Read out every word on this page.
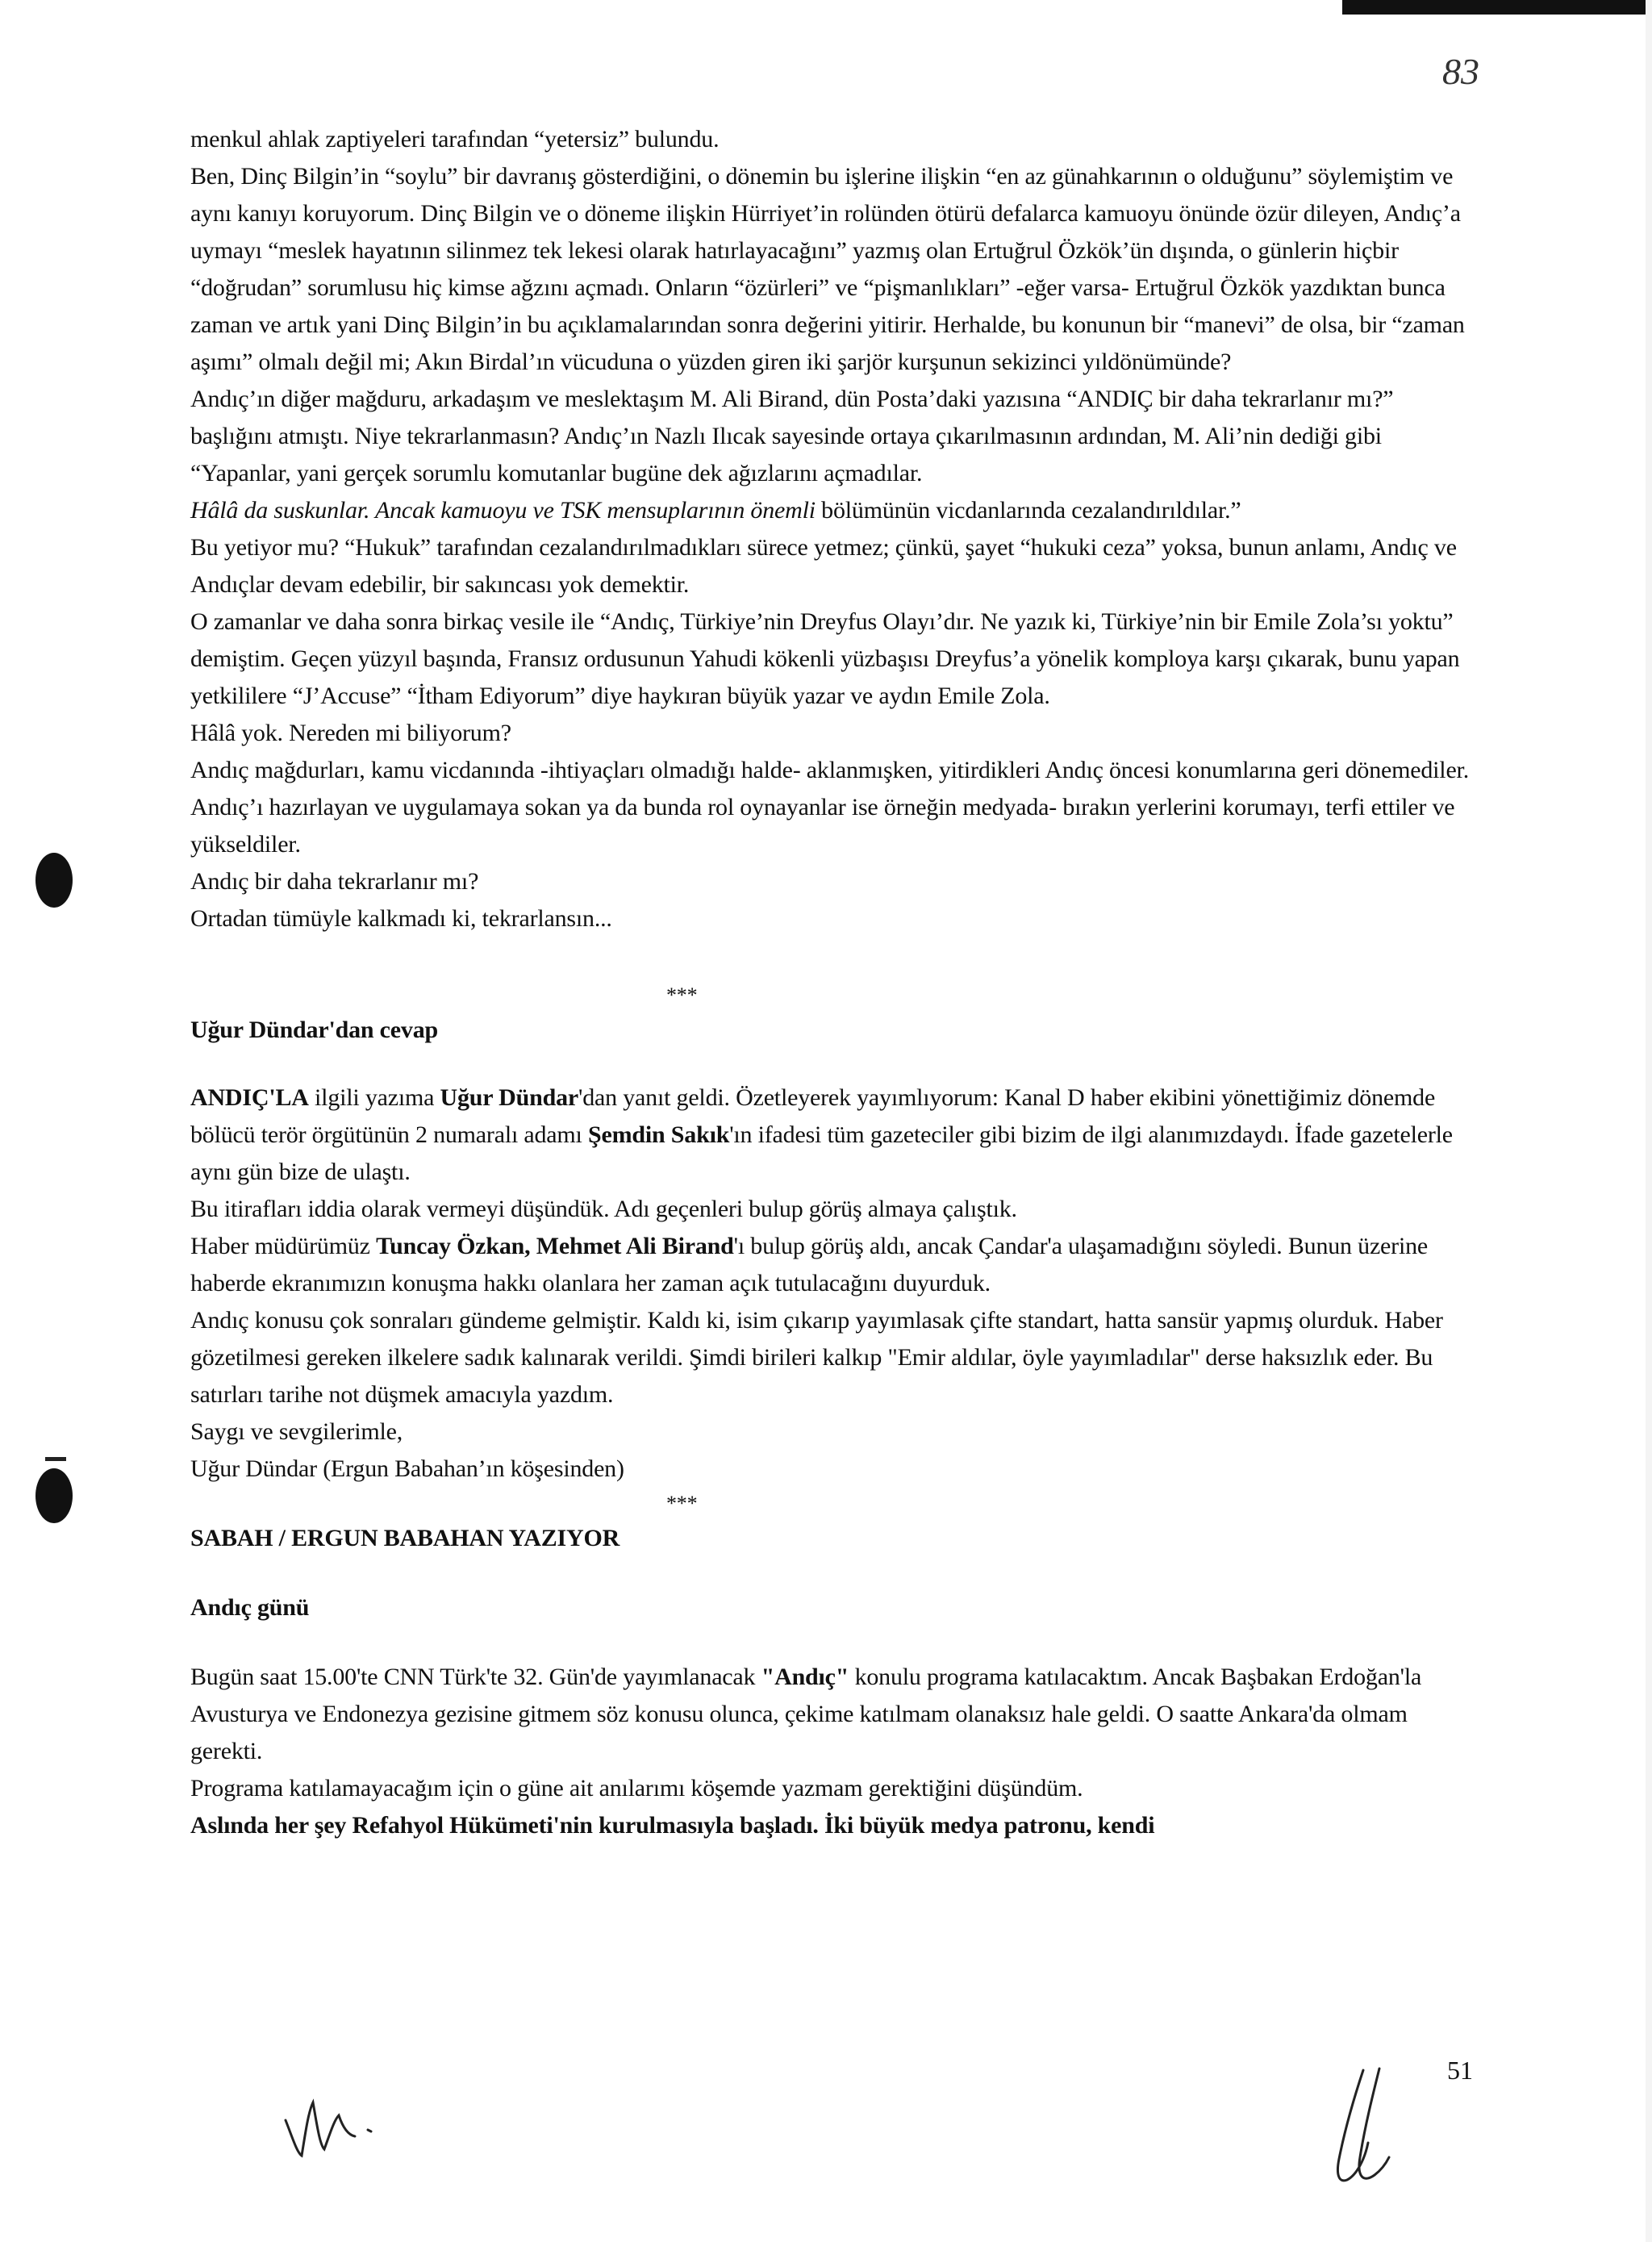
83

menkul ahlak zaptiyeleri tarafından “yetersiz” bulundu.

Ben, Dinç Bilgin’in “soylu” bir davranış gösterdiğini, o dönemin bu işlerine ilişkin “en az günahkarının o olduğunu” söylemiştim ve aynı kanıyı koruyorum. Dinç Bilgin ve o döneme ilişkin Hürriyet’in rolünden ötürü defalarca kamuoyu önünde özür dileyen, Andıç’a uymayı “meslek hayatının silinmez tek lekesi olarak hatırlayacağını” yazmış olan Ertuğrul Özkök’ün dışında, o günlerin hiçbir “doğrudan” sorumlusu hiç kimse ağzını açmadı. Onların “özürleri” ve “pişmanlıkları” -eğer varsa- Ertuğrul Özkök yazdıktan bunca zaman ve artık yani Dinç Bilgin’in bu açıklamalarından sonra değerini yitirir. Herhalde, bu konunun bir “manevi” de olsa, bir “zaman aşımı” olmalı değil mi; Akın Birdal’ın vücuduna o yüzden giren iki şarjör kurşunun sekizinci yıldönümünde?

Andıç’ın diğer mağduru, arkadaşım ve meslektaşım M. Ali Birand, dün Posta’daki yazısına “ANDIÇ bir daha tekrarlanır mı?” başlığını atmıştı. Niye tekrarlanmasın? Andıç’ın Nazlı Ilıcak sayesinde ortaya çıkarılmasının ardından, M. Ali’nin dediği gibi “Yapanlar, yani gerçek sorumlu komutanlar bugüne dek ağızlarını açmadılar.
Hâlâ da suskunlar. Ancak kamuoyu ve TSK mensuplarının önemli bölümünün vicdanlarında cezalandırıldılar.”

Bu yetiyor mu? “Hukuk” tarafından cezalandırılmadıkları sürece yetmez; çünkü, şayet “hukuki ceza” yoksa, bunun anlamı, Andıç ve Andıçlar devam edebilir, bir sakıncası yok demektir.

O zamanlar ve daha sonra birkaç vesile ile “Andıç, Türkiye’nin Dreyfus Olayı’dır. Ne yazık ki, Türkiye’nin bir Emile Zola’sı yoktu” demiştim. Geçen yüzyıl başında, Fransız ordusunun Yahudi kökenli yüzbaşısı Dreyfus’a yönelik komploya karşı çıkarak, bunu yapan yetkililere “J’Accuse” “İtham Ediyorum” diye haykıran büyük yazar ve aydın Emile Zola.

Hâlâ yok. Nereden mi biliyorum?

Andıç mağdurları, kamu vicdanında -ihtiyaçları olmadığı halde- aklanmışken, yitirdikleri Andıç öncesi konumlarına geri dönemediler. Andıç’ı hazırlayan ve uygulamaya sokan ya da bunda rol oynayanlar ise örneğin medyada- bırakın yerlerini korumayı, terfi ettiler ve yükseldiler.

Andıç bir daha tekrarlanır mı?

Ortadan tümüyle kalkmadı ki, tekrarlansın...

***

Uğur Dündar'dan cevap

ANDIÇ'LA ilgili yazıma Uğur Dündar'dan yanıt geldi. Özetleyerek yayımlıyorum: Kanal D haber ekibini yönettiğimiz dönemde bölücü terör örgütünün 2 numaralı adamı Şemdin Sakık'ın ifadesi tüm gazeteciler gibi bizim de ilgi alanımızdaydı. İfade gazetelerle aynı gün bize de ulaştı.

Bu itirafları iddia olarak vermeyi düşündük. Adı geçenleri bulup görüş almaya çalıştık.

Haber müdürümüz Tuncay Özkan, Mehmet Ali Birand'ı bulup görüş aldı, ancak Çandar'a ulaşamadığını söyledi. Bunun üzerine haberde ekranımızın konuşma hakkı olanlara her zaman açık tutulacağını duyurduk.

Andıç konusu çok sonraları gündeme gelmiştir. Kaldı ki, isim çıkarıp yayımlasak çifte standart, hatta sansür yapmış olurduk. Haber gözetilmesi gereken ilkelere sadık kalınarak verildi. Şimdi birileri kalkıp "Emir aldılar, öyle yayımladılar" derse haksızlık eder. Bu satırları tarihe not düşmek amacıyla yazdım.

Saygı ve sevgilerimle,

Uğur Dündar (Ergun Babahan’ın köşesinden)

***

SABAH / ERGUN BABAHAN YAZIYOR

Andıç günü

Bugün saat 15.00'te CNN Türk'te 32. Gün'de yayımlanacak "Andıç" konulu programa katılacaktım. Ancak Başbakan Erdoğan'la Avusturya ve Endonezya gezisine gitmem söz konusu olunca, çekime katılmam olanaksız hale geldi. O saatte Ankara'da olmam gerekti.

Programa katılamayacağım için o güne ait anılarımı köşemde yazmam gerektiğini düşündüm.

Aslında her şey Refahyol Hükümeti'nin kurulmasıyla başladı. İki büyük medya patronu, kendi

51
